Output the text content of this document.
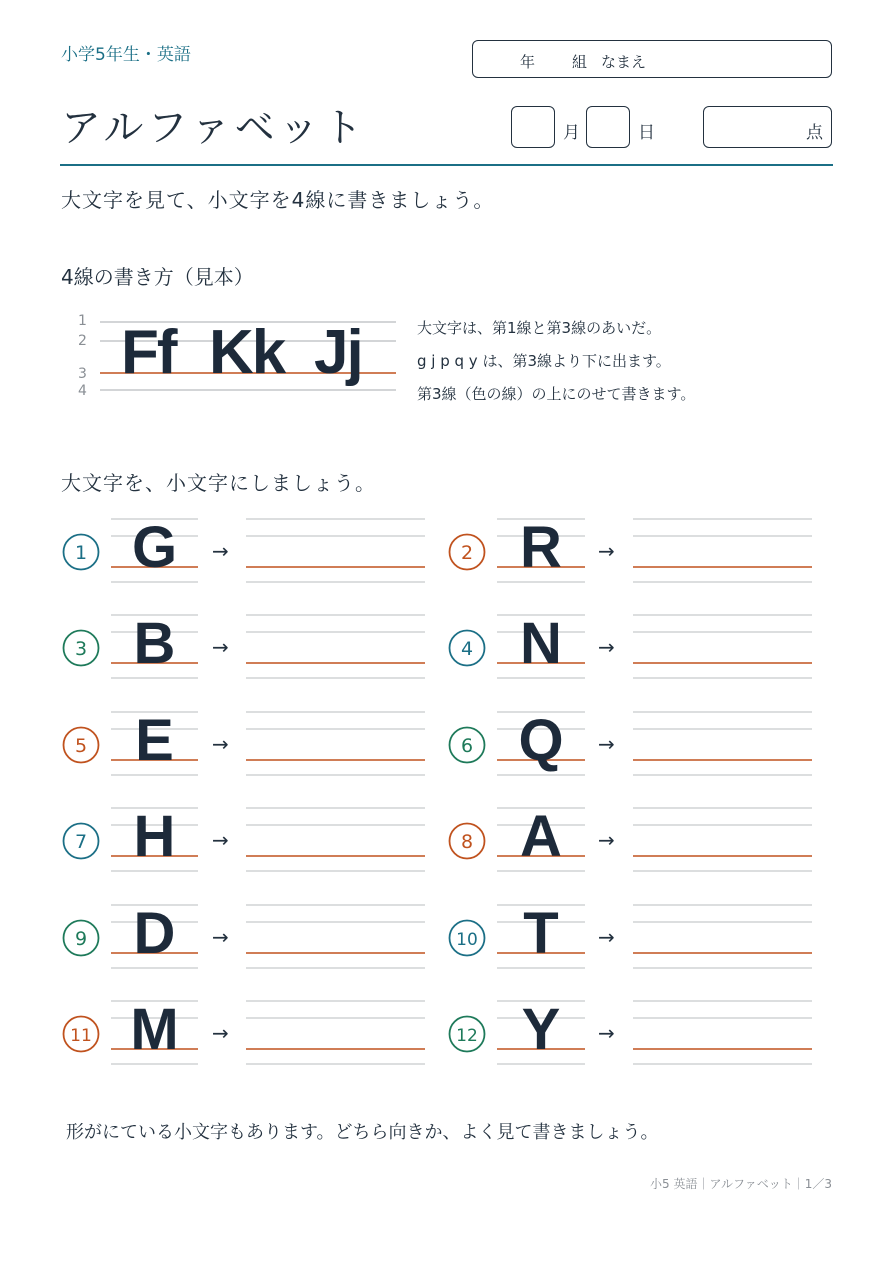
小学5年生・英語	年 組 なまえ
アルファベット	月	日	点
大文字を見て、小文字を4線に書きましょう。
4線の書き方（見本）
1
2
3
4
大文字は、第1線と第3線のあいだ。
g j p q y は、第3線より下に出ます。
第3線（色の線）の上にのせて書きます。
Ff Kk Jj
1 G →	2 R →
3 B →	4 N →
5 E →	6 Q →
7 H →	8 A →
9 D →	10 T →
11 M →	12 Y →
大文字を、小文字にしましょう。
形がにている小文字もあります。どちら向きか、よく見て書きましょう。
小5 英語｜アルファベット｜1／3
